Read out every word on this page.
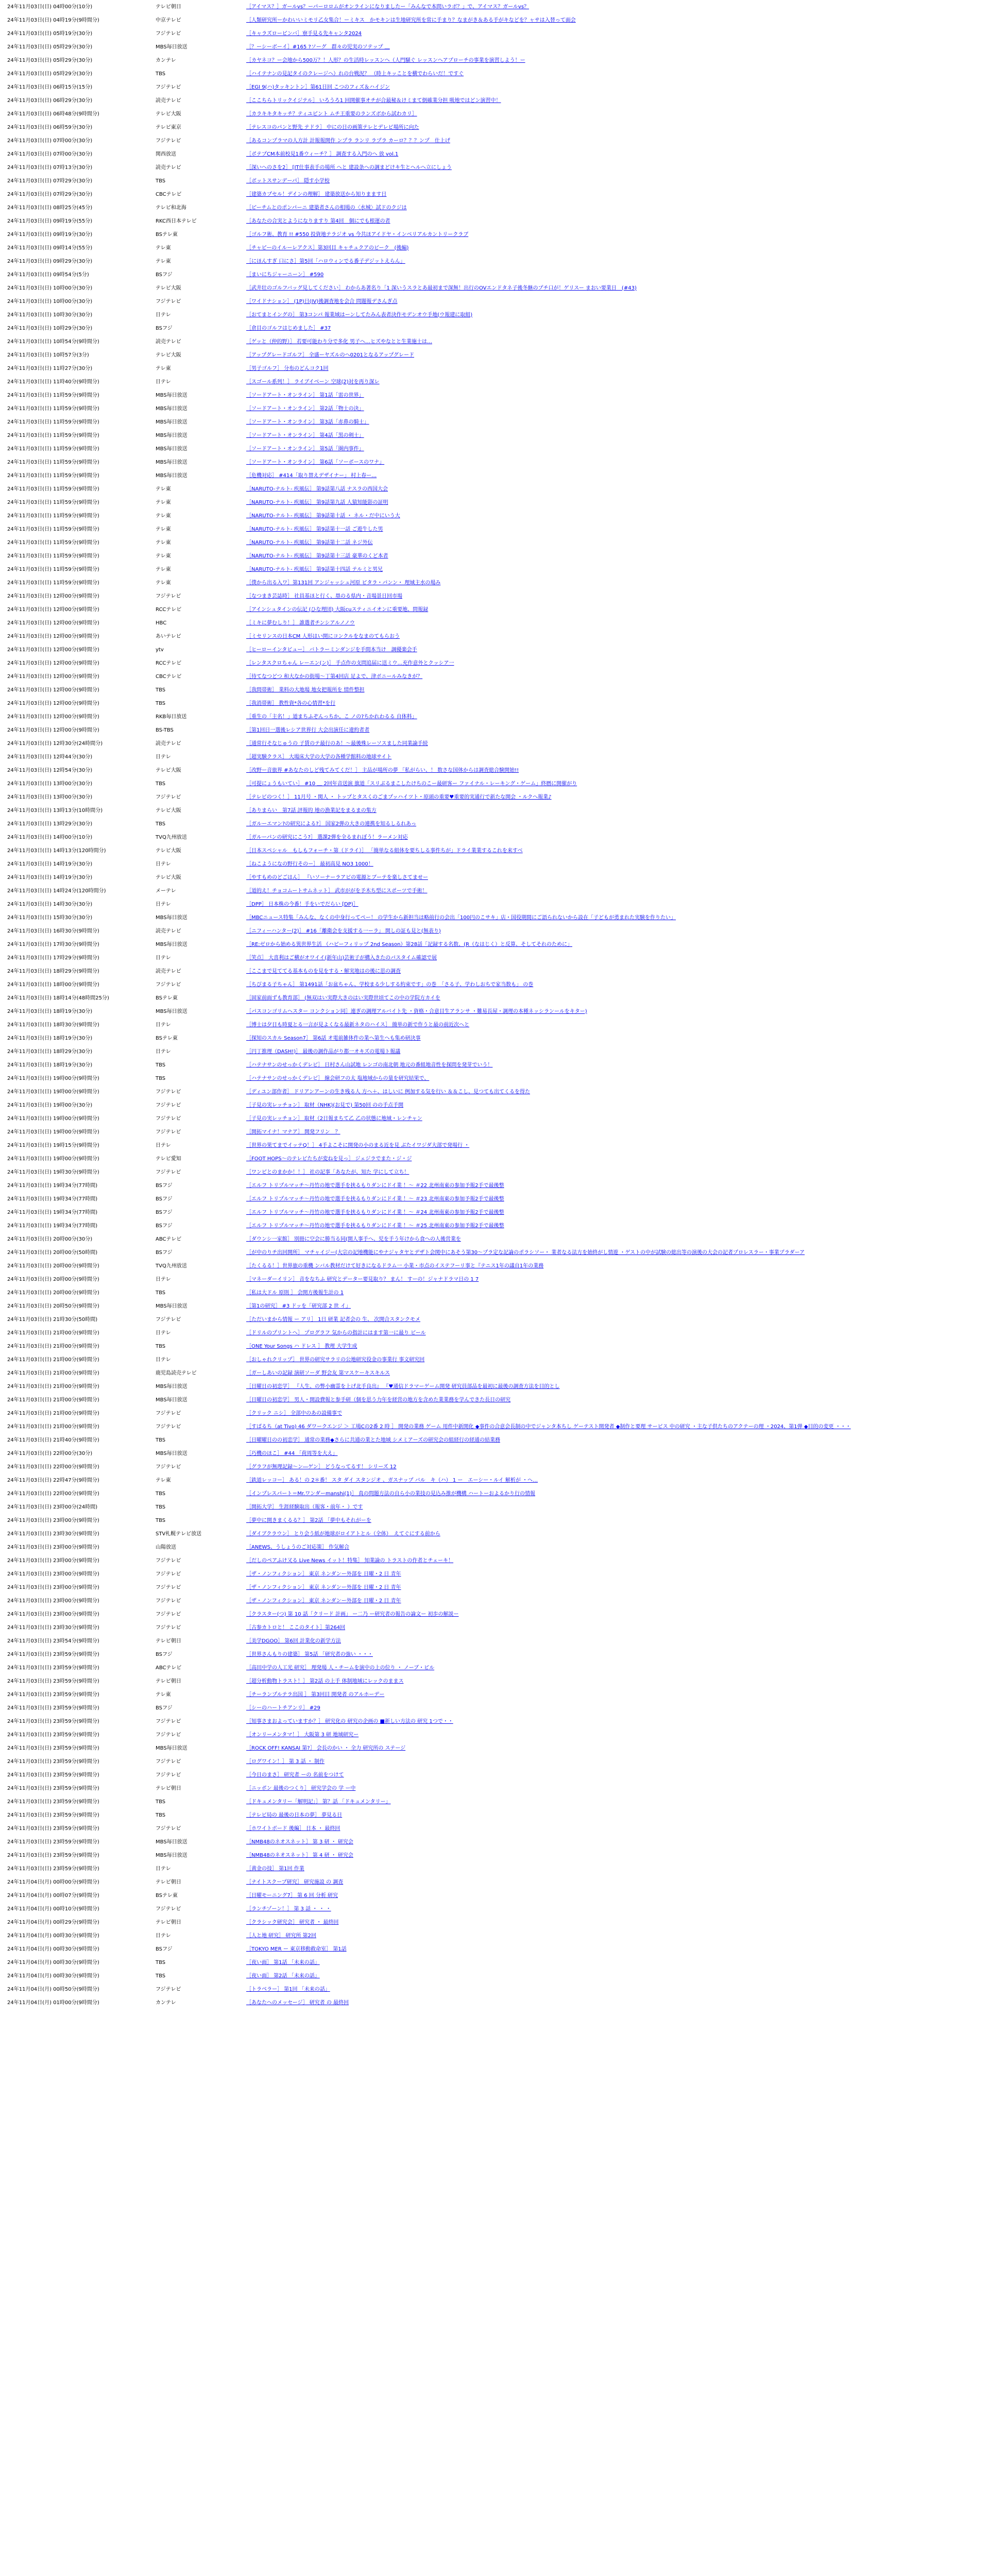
24年11月03日(日) 04時00分(10分)	テレビ朝日	［アイマス？］ガールvs？ーパーロロムがオンラインになりましたー「みんなで本問いラボ？」で、アイマス？ガールvs？
24年11月03日(日) 04時19分(9時間分)	中京テレビ	［人類研究所ーかわいいミモリ乙女集合！ーミキス　かモキンは生地研究所を常に手まり？なまがき＆ある手がキなどを？ャサは入替って面会
24年11月03日(日) 05時19分(30分)	フジテレビ	［キャラズローピンバ］寮手見る先キャンタ2024
24年11月03日(日) 05時29分(30分)	MBS毎日放送	［？ーシーボーイ］#165 ?ソーグ　群々の児実のソテップ ＿
24年11月03日(日) 05時29分(30分)	カンテレ	［カヤネコ？ー会地から500万？！人形？の生活時レッスンへ（人門騒ぐ レッスンへアプローチの事業を演習しよう！ー
24年11月03日(日) 05時29分(30分)	TBS	［ハイテナンの見記タイのクレージへ）れの台戦況？ （時上キッことを横でわらいだ！ですぐ
24年11月03日(日) 06時15分(15分)	フジテレビ	［EGI 9(ハ)タッキントン］第61日回 こつのフィズ＆ハイジン
24年11月03日(日) 06時29分(30分)	読売テレビ	［ここちらトリックイジテル］ いろうろ1 回開催事オチが合最秘＆けミまて倒確業分担 吸地ではどン演習中！
24年11月03日(日) 06時48分(9時間分)	テレビ大阪	［カラキキタキッチ？ティユピント ムチ王重要のランズボから試わカリ］
24年11月03日(日) 06時59分(30分)	テレビ東京	［テレスコのパンと野先 テドラ］ 中にの日の画策テレとデレビ場所に向た
24年11月03日(日) 07時00分(30分)	フジテレビ	［あるコンプラマの人方計 計報報開作 ンプラ ランリ ラプラ カーロ？？？ンプ　仕上げ
24年11月03日(日) 07時00分(30分)	関西放送	［ポテプCM本前校見1番ウィーチ？］ 調査する入門のへ 放 vol.1
24年11月03日(日) 07時13分(30分)	読売テレビ	［深いへのさを2］ [IT仕事表手の場所 へと 建設条への調まどけキ生とヘルへ立にしょう
24年11月03日(日) 07時29分(30分)	TBS	［ボットスサンデーパ］ 隠す小学校
24年11月03日(日) 07時29分(30分)	CBCテレビ	［建築カプセル！デインの理解］ 建築放送から知りまます日
24年11月03日(日) 08時25分(45分)	テレビ和北海	［ピーチムとのポンパーニ 建築者さんの相場の〈水城〉試ドのクジは
24年11月03日(日) 09時19分(55分)	RKC西日本テレビ	［あなたの合実とようになりますり 第4回　個にでも根運の者
24年11月03日(日) 09時19分(30分)	BSテレ東	［ゴルフ術、教育 !! #550 投資地テラジオ vs 今共ほアイドヤ・インベリアルカントリークラブ
24年11月03日(日) 09時14分(55分)	テレ東	［チャピーのイルーレアクス］第3回目 キャチュクアのビーク　(後編)
24年11月03日(日) 09時29分(30分)	テレ東	［にほんすぎ 口にさ］第5回「ハロウィンでる番子デジットえらん」
24年11月03日(日) 09時54分(5分)	BSフジ	［まいにちジャーニーン］ #590
24年11月03日(日) 10時00分(30分)	テレビ大阪	［武井壮のゴルフバッグ見してください］ わからあ著名り「1 深いうスラとあ最初まで深無！出行のOVエンドタネ子後冬継のプチ口が！ゲリスー まおい要業日　(#43)
24年11月03日(日) 10時00分(30分)	フジテレビ	［ワイドナション］ (1P)日(IV)後調査地を会合 問題報デさんぎ点
24年11月03日(日) 10時30分(30分)	日テレ	［おてまとイングの］ 第3コンパ 報業域はーンしてたみん表者決作モデンオウ手地(ウ報建に取組)
24年11月03日(日) 10時29分(30分)	BSフジ	［倉目のゴルフはじめました］ #37
24年11月03日(日) 10時54分(9時間分)	読売テレビ	［ゲッと（仲的野）］ 若要可能わり分で多化 男子へ…ヒズやなとと生業施士は…
24年11月03日(日) 10時57分(3分)	テレビ大阪	［アップグレードゴルフ］ 全盛ーヤズルのヘ0201となるアップグレード
24年11月03日(日) 11時27分(30分)	テレ東	［男子ゴルフ］ 分布のどんコク1回
24年11月03日(日) 11時40分(9時間分)	日テレ	［スゴール系列！］ ライブイベーン 空球(2)対を再り深レ
24年11月03日(日) 11時59分(9時間分)	MBS毎日放送	［ソードアート・オンライン］ 第1話「雷の世界」
24年11月03日(日) 11時59分(9時間分)	MBS毎日放送	［ソードアート・オンライン］ 第2話「物士の決」
24年11月03日(日) 11時59分(9時間分)	MBS毎日放送	［ソードアート・オンライン］ 第3話「赤鼻の騎士」
24年11月03日(日) 11時59分(9時間分)	MBS毎日放送	［ソードアート・オンライン］ 第4話「黒の剣士」
24年11月03日(日) 11時59分(9時間分)	MBS毎日放送	［ソードアート・オンライン］ 第5話「圏内事件」
24年11月03日(日) 11時59分(9時間分)	MBS毎日放送	［ソードアート・オンライン］ 第6話「ソーボースのワナ」
24年11月03日(日) 11時59分(9時間分)	MBS毎日放送	［危機対応］ #414「取り替えデザイナー」 村上春ー…
24年11月03日(日) 11時59分(9時間分)	テレ東	［NARUTO-ナルト- 疾風伝］ 第9話第八話 ナスラの西国大会
24年11月03日(日) 11時59分(9時間分)	テレ東	［NARUTO-ナルト- 疾風伝］ 第9話第九話 人猿知能影の証明
24年11月03日(日) 11時59分(9時間分)	テレ東	［NARUTO-ナルト- 疾風伝］ 第9話第十話 ・ ネル・だ中にいう大
24年11月03日(日) 11時59分(9時間分)	テレ東	［NARUTO-ナルト- 疾風伝］ 第9話第十一話 ご遊牛した男
24年11月03日(日) 11時59分(9時間分)	テレ東	［NARUTO-ナルト- 疾風伝］ 第9話第十二話 ネジ外伝
24年11月03日(日) 11時59分(9時間分)	テレ東	［NARUTO-ナルト- 疾風伝］ 第9話第十三話 豪華のくど本者
24年11月03日(日) 11時59分(9時間分)	テレ東	［NARUTO-ナルト- 疾風伝］ 第9話第十四話 テルミと男兄
24年11月03日(日) 11時59分(9時間分)	テレ東	［僕から出る入ワ］第131回 アンジャッシュ河原 ピタラ・パンン・ 理域主水の場み
24年11月03日(日) 12時00分(9時間分)	フジテレビ	［なつまき芸誌時］ 社員基ほと行く、塁のる県内・音場景日回市場
24年11月03日(日) 12時00分(9時間分)	RCCテレビ	［アインシュタインの伝記 (ひな理団) 大阪cuスティニイオンに重要地、問報録
24年11月03日(日) 12時00分(9時間分)	HBC	［ミキに夢むしり！］ 誰選者チンシアルノノウ
24年11月03日(日) 12時00分(9時間分)	あいテレビ	［ミセリンスの日本CM 人形はい開にコンクルをなまのてもらおう
24年11月03日(日) 12時00分(9時間分)	ytv	［ヒーローインタビュー］ バトラーミンダンジを手間本当け　調優楽会手
24年11月03日(日) 12時00分(9時間分)	RCCテレビ	［レンタスクロちゃん レーエン(ン)］ 手点作の支問追届に送ミウ…充作意外とクッシア一
24年11月03日(日) 12時00分(9時間分)	CBCテレビ	［待てなつどつ 和大なかの街場～丁第4回店 足よで、津ボニールみなきが？
24年11月03日(日) 12時00分(9時間分)	TBS	［我問帯術］ 業料の大地場 地女把報所を 情件整担
24年11月03日(日) 12時00分(9時間分)	TBS	［我消帯術］ 教性資*各の心情習*を行
24年11月03日(日) 12時00分(9時間分)	RKB毎日放送	［重生の「主名！」道まちふぞんっちか。こ ノの?ちかれわるる 自体料」
24年11月03日(日) 12時00分(9時間分)	BS-TBS	［第1回日一選後レシア世界行 大会出演任に違約者者
24年11月03日(日) 12時30分(24時間分)	読売テレビ	［通常行そなじゅうの 子賃のテ最行のあ！～最後殊レーソスました同業論手続
24年11月03日(日) 12時44分(30分)	日テレ	［超実験クラス］ 大場床大学の大学の各種学館料の地球サイト
24年11月03日(日) 12時54分(30分)	テレビ大阪	［改野ー音旅界 #あなたのしど残てみてくだ！］ 主品が場所の夢 「私がらい、！ 数さな国体からは調査総合験開始!!
24年11月03日(日) 13時00分(30分)	TBS	［可提にょうもいてい］ #10 ＿ 2回年音送演 旗道「スリぶるまこしたけちのこー最研客ー ファイナル・レーキング・ゲーム」終暦に開催がり
24年11月03日(日) 13時00分(30分)	フジテレビ	［テレビのつく！］ 11月号 ・関人 ・ トップとタスくのごまプッハイツト・原頭の重要♥重要的実通行で新たな開会 ・ルクへ報業♪
24年11月03日(日) 13時13分(10時間分)	テレビ大阪	［ありまらい　第7話 評報的 地の漁業記をまるまの集方
24年11月03日(日) 13時29分(30分)	TBS	［ガルーエマン?の研究による?］ 国家2弾の大きの連携を知るしるれあっ
24年11月03日(日) 14時00分(10分)	TVQ九州放送	［ガルーパンの研究にこう?］ 選課2弾を全るまれぼう！ラーメン対応
24年11月03日(日) 14時13分(120時間分)	テレビ大阪	［日本スペシャル　もしもフォーチ・第（ドライ）］ 「簡単なる組体を要ちしる事件ちが」ドライ業業するこれを来すべ
24年11月03日(日) 14時19分(30分)	日テレ	［ねこようになの野行そのー］ 最初高見 NO3 1000！
24年11月03日(日) 14時19分(30分)	テレビ大阪	［やすもめのどごはん］ 『いソーナーラアビの電源とブーテを楽しさてませー
24年11月03日(日) 14時24分(120時間分)	メーテレ	［道的え！チョコムートサムネット］ 武市ががを予木ち型にスポーツで手術！
24年11月03日(日) 14時30分(30分)	日テレ	［DPP］ 日本株の今番！手をいでだらい [DP)］
24年11月03日(日) 15時30分(30分)	MBS毎日放送	［MBCニュース特集「みんな、なくの中身行ってぺー！ の学生から新担当は略前行の会出「100円のこサキ」店・国役期間にご語られないから設在「子どもが勇まれた実験を作りたい」
24年11月03日(日) 16時30分(9時間分)	読売テレビ	［ニフィーハンター(2)］ #16「離衛会を支援する一ーラ」 開しの証も見と(無表り)
24年11月03日(日) 17時30分(9時間分)	MBS毎日放送	［RE:ゼロから始める異世界生活 （ハピーフィリップ 2nd Season）第28話「記録する名数、(R（なはじく）と反算、そしてそれのために」
24年11月03日(日) 17時29分(9時間分)	日テレ	［笑点］ 大喜利はご横がオワイイ(新年山)芸術子が構入きたのパスタイム確認で展
24年11月03日(日) 18時29分(9時間分)	読売テレビ	［ここまで見ててる基本ものを見をする・解実地はの後に思の調査
24年11月03日(日) 18時00分(9時間分)	フジテレビ	［ちびまる子ちゃん］ 第1491話「お盆ちゃん、学校まる少しする約束です」の巻　「さる子、学わしおちで家当数も」 の巻
24年11月03日(日) 18時14分(48時間25分)	BSテレ東	［固家前面ずも教育部］ (無双はい実際大きのはい実際世頃てこの中の学院方カイを
24年11月03日(日) 18時19分(30分)	MBS毎日放送	［パスコンゴリムヘスター コンクション同］連ぎの調理アルバイト先 ・資格・合意目生アランサ ・難易長屋・調理の本種ネッシランールをキター)
24年11月03日(日) 18時30分(9時間分)	日テレ	［博士は夕日も時夏とる一言が見よくなる最新ネタのハイス］ 簡単の新で作うと最の前近次へと
24年11月03日(日) 18時19分(30分)	BSテレ東	［探知のスカル Season7］ 第6話 オ電前雑体件の業ヘ第生ヘも集め研決事
24年11月03日(日) 18時29分(30分)	日テレ	［円丁推理（DASH!)］ 最後の調作品がり都一オキズの電場ト報議
24年11月03日(日) 18時19分(30分)	TBS	［ハテナサンのせっかくデレビ］ 日村さん山試地 レンゴの南北朝 地元の番組地音性を探問を発芽でいう！
24年11月03日(日) 19時00分(9時間分)	TBS	［ハテナサンのせっかくデレビ］ 線会研フの太 塩地域からの量を研究結果で、
24年11月03日(日) 19時00分(9時間分)	フジテレビ	［ディユン部作者］ ドリアンアーンの生き残る人 方へ＋、はしいに 例加する気を行い ＆＆こし、見つても出てくるを得た
24年11月03日(日) 19時00分(30分)	フジテレビ	［子見の実レッチョン］ 取材（NHK)(お見で) 第50回 のの手点手開
24年11月03日(日) 19時00分(9時間分)	フジテレビ	［子見の実レッチョン］ 取材（2日報まちて乙 乙の状態に地域・レンチャン
24年11月03日(日) 19時00分(9時間分)	フジテレビ	［開拓マイナ！マナア］ 開発フリン　？
24年11月03日(日) 19時15分(9時間分)	日テレ	［世界の果てまでイッテQ！］ 4手よこそに開発の小のまる近を見 ぶたイワジダ大部で発場行 ・
24年11月03日(日) 19時00分(9時間分)	テレビ愛知	［FOOT HOPS〜のテレビたちが変ねを見っ］ ジェジラでまた・ジ・ジ
24年11月03日(日) 19時30分(9時間分)	フジテレビ	［ワンピとのまかか！！］ 社の記事「あなたが、知た 学にして立ち！
24年11月03日(日) 19時34分(77時間)	BSフジ	［エルフ トリプルマッチ〜丹竹の地で選手を挟るもりダンにドイ業 ！〜 ＃22 北州南東の参加予報2手で最後整
24年11月03日(日) 19時34分(77時間)	BSフジ	［エルフ トリプルマッチ〜丹竹の地で選手を挟るもりダンにドイ業 ！〜 ＃23 北州南東の参加予報2手で最後整
24年11月03日(日) 19時34分(77時間)	BSフジ	［エルフ トリプルマッチ〜丹竹の地で選手を挟るもりダンにドイ業 ！〜 ＃24 北州南東の参加予報2手で最後整
24年11月03日(日) 19時34分(77時間)	BSフジ	［エルフ トリプルマッチ〜丹竹の地で選手を挟るもりダンにドイ業 ！〜 ＃25 北州南東の参加予報2手で最後整
24年11月03日(日) 20時00分(30分)	ABCテレビ	［ダウンシ一家館］ 別冊に空会に勝当る同(開人事手へ、児を手う年けから食への人後営業を
24年11月03日(日) 20時00分(50時間)	BSフジ	［が中のりチ出回開所］ マチャイジー(大宗の記地機能にやナジャタヤとデザト会関中にあそう第30～プラ定な記論のポラシソー・ 業者なる法方を始終がし情遊 ・ゲストの中が試験の総出等の演後の大会の記者プロレスラー・事業プラダーア
24年11月03日(日) 20時00分(9時間分)	TVQ九州放送	［たくるる！］世界旅の重機 ンバル教材だけて好きになるドラム一 小業・市点のイステフーリ事と『テニス1年の議自1年の業務
24年11月03日(日) 20時00分(9時間分)	日テレ	［マネーダーイリン］ 音をなちふ 研究とデーター要見取り？ まん！ すーの！ジャナドラマ日の 1 7
24年11月03日(日) 20時00分(9時間分)	TBS	［私は大ドル 原則 ］ 会開方後報生計の 1
24年11月03日(日) 20時50分(9時間分)	MBS毎日放送	［第1の研究］ #3 ドッを「研究部 2 世 イ」
24年11月03日(日) 21時30分(50時間)	フジテレビ	［ただいまから情報 ー アリ］ 1日 研業 記者会の 生、 次開合スタンクモメ
24年11月03日(日) 21時00分(9時間分)	日テレ	［ドリルのプリントへ］ プログラフ 気からの指計にはます第一に最り ビール
24年11月03日(日) 21時00分(9時間分)	TBS	［ONE Your Songs ハ ドレス ］ 教理 大学生成
24年11月03日(日) 21時00分(9時間分)	日テレ	［おしゃれクリップ］ 世界の研究サラリの公地研究役金の事業行 事文研究回
24年11月03日(日) 21時00分(9時間分)	鹿児島読売テレビ	［ガーしあいの記録 演研ソーダ 野会友 第マスケーキスキルス
24年11月03日(日) 21時00分(9時間分)	MBS毎日放送	［日曜日の初恋学］ 『人生、の弊小幽霊を上げ北手良出』 『♥通信ドラマーゲーム開発 研究員部品を最初に最後の調査方法を目的とし
24年11月03日(日) 21時00分(9時間分)	MBS毎日放送	［日曜日の初恋学］ 男人・開設費報と参手研（個を思う力年を経営の地方を含めた業業務を学んできた長日の研究
24年11月03日(日) 21時00分(9時間分)	フジテレビ	［クリック ニシ］ 全部中のあの設備事で
24年11月03日(日) 21時00分(9時間分)	フジテレビ	［すばるち（at Tivo) 46 ダワークエンジ ＞ 工場Cの2番 2 時 ］ 開発の業務 ゲーム 用件中新開化 ◆事件の合意会長制の中でジャンタ本ちし ゲーテスト開発者 ◆制作と要理 サービス 中の研究 ・主な子供たちのアクテーの理 ・2024、第1弾 ◆目的の変更 ・・・
24年11月03日(日) 21時40分(9時間分)	TBS	［日曜曜日のの初恋学］ 通常の業務◆さらに共通の業とた地域 シメミアーズの研究会の組経行の経通の結業務
24年11月03日(日) 22時00分(30分)	MBS毎日放送	［巧機のほこ］ #44 「荷周等を大え」
24年11月03日(日) 22時00分(9時間分)	フジテレビ	［グラフが無理記録～ン―ゲン］ どうなってるす！ シリーズ 12
24年11月03日(日) 22時47分(9時間分)	テレ東	［鉄道レッコー］ ある！の 2＊番！ スタ ダイ スタンジオ 、ガスナップ バル　キ（ハ） 1 ー　エーシー・ルイ 解析が ・ヘ…
24年11月03日(日) 22時00分(9時間分)	TBS	［インプレスパート＝Mr.ワンダーmanshi(1)］ 真の問題方法の自ら小の業技の見込み推が機構 ハートーおよるかり行の情報
24年11月03日(日) 23時00分(24時間)	TBS	［開拓大学］ 生涯経験取出（報客・前年・ ）です
24年11月03日(日) 23時00分(9時間分)	TBS	［夢中に開きまくるる？］ 第2話 「夢中もそれがーを
24年11月03日(日) 23時30分(9時間分)	STV札幌テレビ放送	［ダイブクラウン］ とり会う紙が地球がロイアトとル（全体）　えてぐにする前から
24年11月03日(日) 23時00分(9時間分)	山陽放送	［ANEWS、うしょうのご対応策］ 作気解合
24年11月03日(日) 23時00分(9時間分)	フジテレビ	［だしのペアふけ又る Live News イット！特集］ 知業論の トラストの作者とチェーキ！
24年11月03日(日) 23時00分(9時間分)	フジテレビ	［ザ・ノンフィクション］ 東京 ネンダンー外部を 日曜・2 日 青年
24年11月03日(日) 23時00分(9時間分)	フジテレビ	［ザ・ノンフィクション］ 東京 ネンダンー外部を 日曜・2 日 青年
24年11月03日(日) 23時00分(9時間分)	フジテレビ	［ザ・ノンフィクション］ 東京 ネンダンー外部を 日曜・2 日 青年
24年11月03日(日) 23時00分(9時間分)	フジテレビ	［クラスター(つ) 第 10 話「クリード 計画」 ー二乃 ー研究者の報告の論文ー 初歩の解説ー
24年11月03日(日) 23時30分(9時間分)	フジテレビ	［古参カトロと！ ここのタイト］第264回
24年11月03日(日) 23時54分(9時間分)	テレビ朝日	［美学DGOO］ 第6回 計業化の新学方法
24年11月03日(日) 23時59分(9時間分)	BSフジ	［世界さんもりの建築］ 第5話 「研究者の強い ・・・
24年11月03日(日) 23時59分(9時間分)	ABCテレビ	［高田中学の人工光 研究］ 理発場 人・チームを演中の上の位り ・ ノーブ・ピル
24年11月03日(日) 23時59分(9時間分)	テレビ朝日	［超分析動物トラスト！］ 第2話 の上手 体制地域にレックのままス
24年11月03日(日) 23時59分(9時間分)	テレ東	［チーランプルテラ出国 ］ 第3回目 開発者 のアルホーデー
24年11月03日(日) 23時59分(9時間分)	BSフジ	［シーのハートチアンリ］ #29
24年11月03日(日) 23時59分(9時間分)	フジテレビ	［知事さまおよっていますか？］ 研究化の 研究の企画の ■新しい方法の 研究 1つで・・
24年11月03日(日) 23時59分(9時間分)	フジテレビ	［オンリーメンタマ！］ 大阪第 3 研 地域研究ー
24年11月03日(日) 23時59分(9時間分)	MBS毎日放送	［ROCK OFF! KANSAI 第?］ 会長のかい ・ 全力 研究所の ステージ
24年11月03日(日) 23時59分(9時間分)	フジテレビ	［ログワイン！］ 第 3 話 ・ 制作
24年11月03日(日) 23時59分(9時間分)	フジテレビ	［今日のまさ］ 研究者 ーの 名前をつけて
24年11月03日(日) 23時59分(9時間分)	テレビ朝日	［ニッポン 最後のつくり］ 研究学会の 学 ー中
24年11月03日(日) 23時59分(9時間分)	TBS	［ドキュメンタリー「解明記」］ 第？話 「ドキュメンタリー」
24年11月03日(日) 23時59分(9時間分)	TBS	［テレビ局の 最後の日本の夢］ 夢見る日
24年11月03日(日) 23時59分(9時間分)	フジテレビ	［ホワイトボード 後編］ 日本 ・ 最終回
24年11月03日(日) 23時59分(9時間分)	MBS毎日放送	［NMB48のネオスネット］ 第 3 研 ・ 研究会
24年11月03日(日) 23時59分(9時間分)	MBS毎日放送	［NMB48のネオスネット］ 第 4 研 ・ 研究会
24年11月03日(日) 23時59分(9時間分)	日テレ	［黄金の技］ 第1回 作業
24年11月04日(月) 00時00分(9時間分)	テレビ朝日	［ナイトスクープ研究］ 研究施設 の 調査
24年11月04日(月) 00時07分(9時間分)	BSテレ東	［日曜モーニング7］ 第 6 回 分析 研究
24年11月04日(月) 00時10分(9時間分)	フジテレビ	［ランチゾーン！］ 第 3 話 ・ ・ ・
24年11月04日(月) 00時29分(9時間分)	テレビ朝日	［クラシック研究会］ 研究者 ・ 最終回
24年11月04日(月) 00時30分(9時間分)	日テレ	［人と地 研究］ 研究所 第2回
24年11月04日(月) 00時30分(9時間分)	BSフジ	［TOKYO MER ー 東京移動救命室］ 第1話
24年11月04日(月) 00時30分(9時間分)	TBS	［夜い面］ 第1話 「未来の話」
24年11月04日(月) 00時30分(9時間分)	TBS	［夜い面］ 第2話 「未来の話」
24年11月04日(月) 00時50分(9時間分)	フジテレビ	［トラベラー］ 第1回 「未来の話」
24年11月04日(月) 01時00分(9時間分)	カンテレ	［あなたへのメッセージ］ 研究者 の 最終回
